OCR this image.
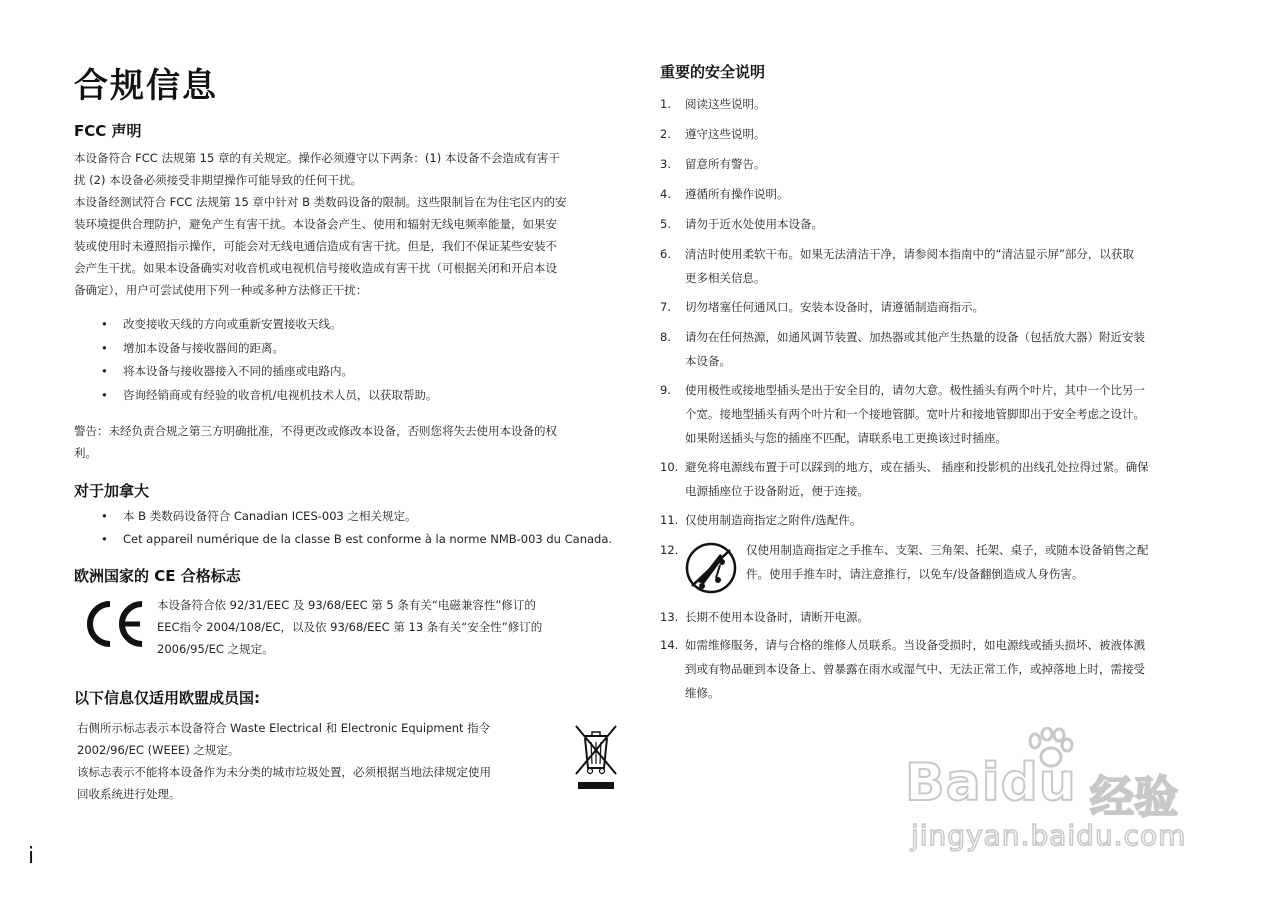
合规信息
FCC 声明
本设备符合 FCC 法规第 15 章的有关规定。操作必须遵守以下两条：(1) 本设备不会造成有害干
扰 (2) 本设备必须接受非期望操作可能导致的任何干扰。
本设备经测试符合 FCC 法规第 15 章中针对 B 类数码设备的限制。这些限制旨在为住宅区内的安
装环境提供合理防护，避免产生有害干扰。本设备会产生、使用和辐射无线电频率能量，如果安
装或使用时未遵照指示操作，可能会对无线电通信造成有害干扰。但是，我们不保证某些安装不
会产生干扰。如果本设备确实对收音机或电视机信号接收造成有害干扰（可根据关闭和开启本设
备确定），用户可尝试使用下列一种或多种方法修正干扰：
• 改变接收天线的方向或重新安置接收天线。
• 增加本设备与接收器间的距离。
• 将本设备与接收器接入不同的插座或电路内。
• 咨询经销商或有经验的收音机/电视机技术人员，以获取帮助。
警告：未经负责合规之第三方明确批准，不得更改或修改本设备，否则您将失去使用本设备的权
利。
对于加拿大
• 本 B 类数码设备符合 Canadian ICES-003 之相关规定。
• Cet appareil numérique de la classe B est conforme à la norme NMB-003 du Canada.
欧洲国家的 CE 合格标志
本设备符合依 92/31/EEC 及 93/68/EEC 第 5 条有关“电磁兼容性”修订的
EEC指令 2004/108/EC，以及依 93/68/EEC 第 13 条有关“安全性”修订的
2006/95/EC 之规定。
以下信息仅适用欧盟成员国:
右侧所示标志表示本设备符合 Waste Electrical 和 Electronic Equipment 指令
2002/96/EC (WEEE) 之规定。
该标志表示不能将本设备作为未分类的城市垃圾处置，必须根据当地法律规定使用
回收系统进行处理。
i
重要的安全说明
1. 阅读这些说明。
2. 遵守这些说明。
3. 留意所有警告。
4. 遵循所有操作说明。
5. 请勿于近水处使用本设备。
6. 清洁时使用柔软干布。如果无法清洁干净，请参阅本指南中的“清洁显示屏”部分，以获取
更多相关信息。
7. 切勿堵塞任何通风口。安装本设备时，请遵循制造商指示。
8. 请勿在任何热源，如通风调节装置、加热器或其他产生热量的设备（包括放大器）附近安装
本设备。
9. 使用极性或接地型插头是出于安全目的，请勿大意。极性插头有两个叶片，其中一个比另一
个宽。接地型插头有两个叶片和一个接地管脚。宽叶片和接地管脚即出于安全考虑之设计。
如果附送插头与您的插座不匹配，请联系电工更换该过时插座。
10. 避免将电源线布置于可以踩到的地方，或在插头、 插座和投影机的出线孔处拉得过紧。确保
电源插座位于设备附近，便于连接。
11. 仅使用制造商指定之附件/选配件。
12.	仅使用制造商指定之手推车、支架、三角架、托架、桌子，或随本设备销售之配
件。使用手推车时，请注意推行，以免车/设备翻倒造成人身伤害。
13. 长期不使用本设备时，请断开电源。
14. 如需维修服务，请与合格的维修人员联系。当设备受损时，如电源线或插头损坏、被液体溅
到或有物品砸到本设备上、曾暴露在雨水或湿气中、无法正常工作，或掉落地上时，需接受
维修。
Baidu 经验
jingyan.baidu.com
